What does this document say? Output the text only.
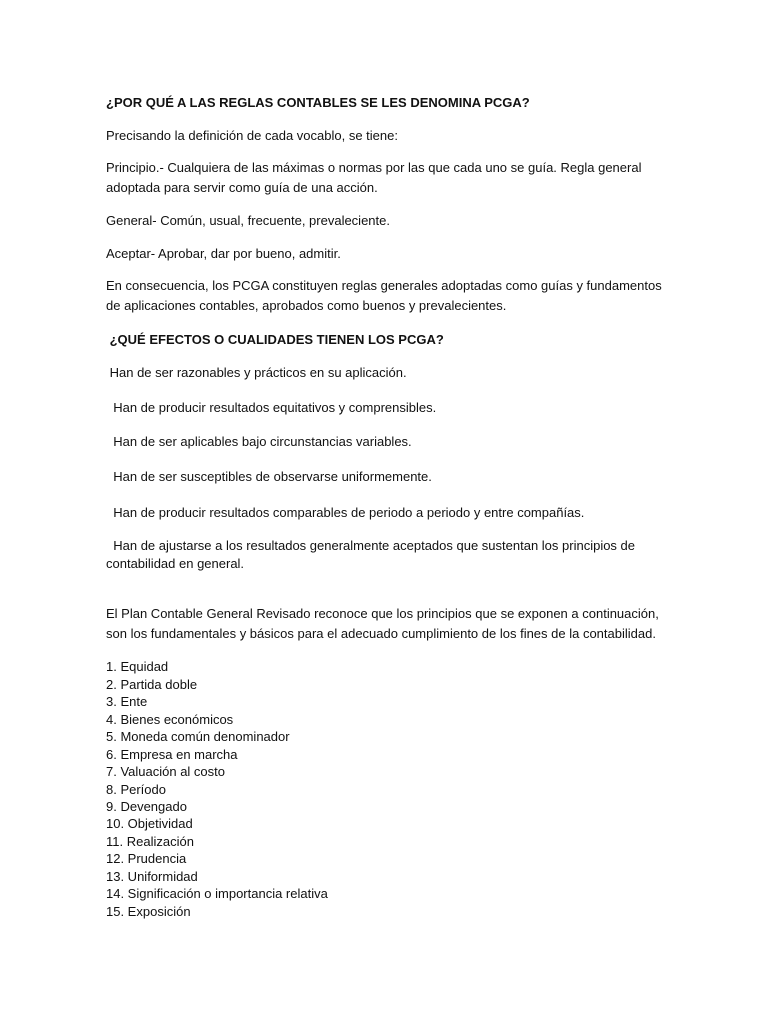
¿POR QUÉ A LAS REGLAS CONTABLES SE LES DENOMINA PCGA?
Precisando la definición de cada vocablo, se tiene:
Principio.- Cualquiera de las máximas o normas por las que cada uno se guía. Regla general adoptada para servir como guía de una acción.
General- Común, usual, frecuente, prevaleciente.
Aceptar- Aprobar, dar por bueno, admitir.
En consecuencia, los PCGA constituyen reglas generales adoptadas como guías y fundamentos de aplicaciones contables, aprobados como buenos y prevalecientes.
¿QUÉ EFECTOS O CUALIDADES TIENEN LOS PCGA?
Han de ser razonables y prácticos en su aplicación.
Han de producir resultados equitativos y comprensibles.
Han de ser aplicables bajo circunstancias variables.
Han de ser susceptibles de observarse uniformemente.
Han de producir resultados comparables de periodo a periodo y entre compañías.
Han de ajustarse a los resultados generalmente aceptados que sustentan los principios de contabilidad en general.
El Plan Contable General Revisado reconoce que los principios que se exponen a continuación, son los fundamentales y básicos para el adecuado cumplimiento de los fines de la contabilidad.
1. Equidad
2. Partida doble
3. Ente
4. Bienes económicos
5. Moneda común denominador
6. Empresa en marcha
7. Valuación al costo
8. Período
9. Devengado
10. Objetividad
11. Realización
12. Prudencia
13. Uniformidad
14. Significación o importancia relativa
15. Exposición
